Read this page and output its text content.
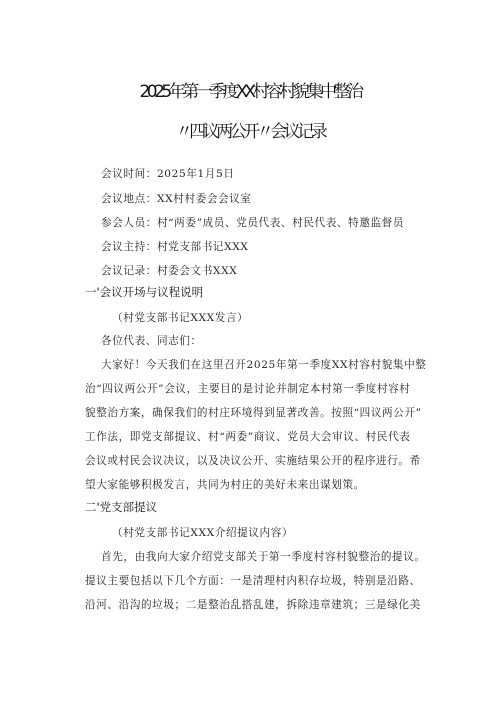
2025年第一季度XX村容村貌集中整治
〃四议两公开〃会议记录
会议时间：2025年1月5日
会议地点：XX村村委会会议室
参会人员：村“两委”成员、党员代表、村民代表、特邀监督员
会议主持：村党支部书记XXX
会议记录：村委会文书XXX
一'会议开场与议程说明
（村党支部书记XXX发言）
各位代表、同志们：
大家好！今天我们在这里召开2025年第一季度XX村容村貌集中整
治“四议两公开”会议，主要目的是讨论并制定本村第一季度村容村
貌整治方案，确保我们的村庄环境得到显著改善。按照“四议两公开”
工作法，即党支部提议、村“两委”商议、党员大会审议、村民代表
会议或村民会议决议，以及决议公开、实施结果公开的程序进行。希
望大家能够积极发言，共同为村庄的美好未来出谋划策。
二'党支部提议
（村党支部书记XXX介绍提议内容）
首先，由我向大家介绍党支部关于第一季度村容村貌整治的提议。
提议主要包括以下几个方面：一是清理村内积存垃圾，特别是沿路、
沿河、沿沟的垃圾；二是整治乱搭乱建，拆除违章建筑；三是绿化美
